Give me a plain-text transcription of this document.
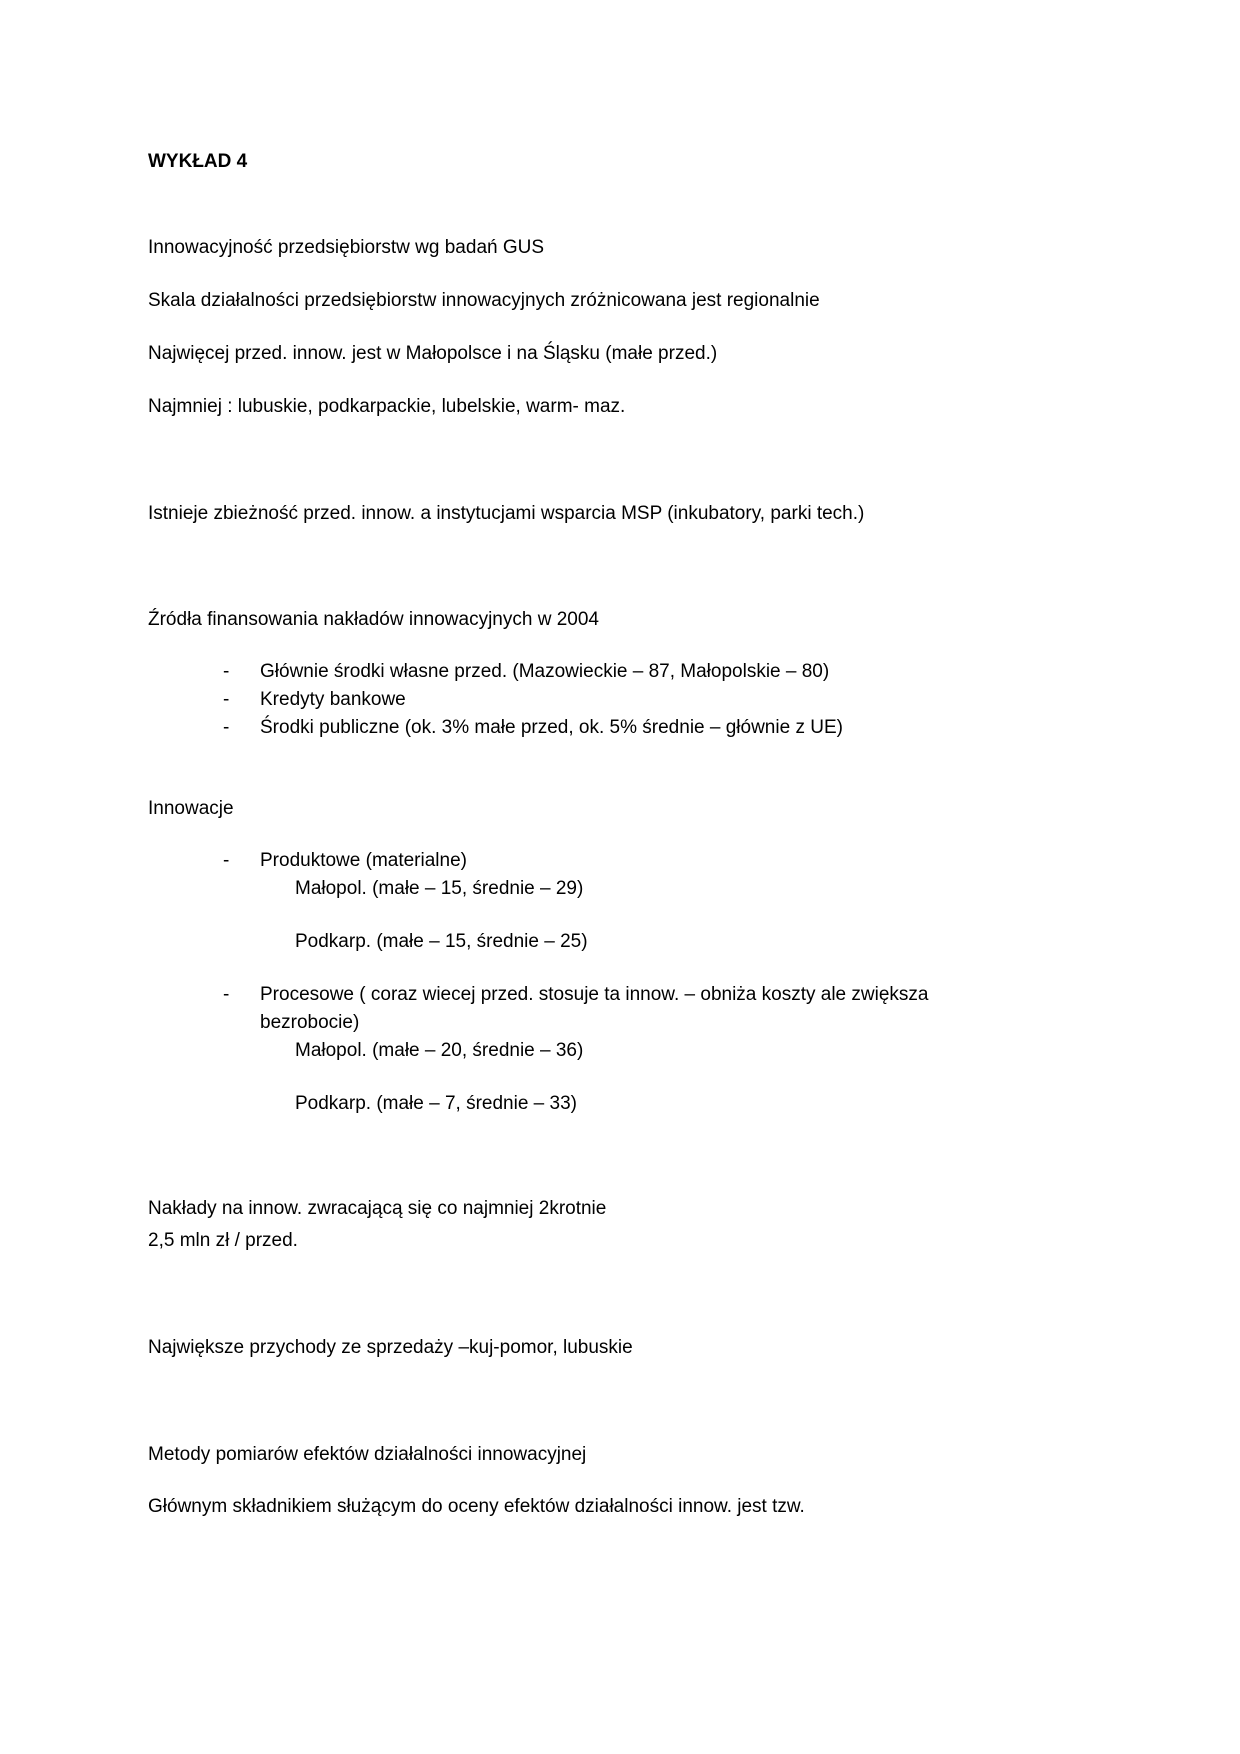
WYKŁAD 4
Innowacyjność przedsiębiorstw wg badań GUS
Skala działalności przedsiębiorstw innowacyjnych zróżnicowana jest regionalnie
Najwięcej przed. innow. jest w Małopolsce i na Śląsku (małe przed.)
Najmniej : lubuskie, podkarpackie, lubelskie, warm- maz.
Istnieje zbieżność przed. innow. a instytucjami wsparcia MSP (inkubatory, parki tech.)
Źródła finansowania nakładów innowacyjnych w 2004
- Głównie środki własne przed. (Mazowieckie – 87, Małopolskie – 80)
- Kredyty bankowe
- Środki publiczne (ok. 3% małe przed, ok. 5% średnie – głównie z UE)
Innowacje
- Produktowe (materialne)
Małopol. (małe – 15, średnie – 29)
Podkarp. (małe – 15, średnie – 25)
- Procesowe ( coraz wiecej przed. stosuje ta innow. – obniża koszty ale zwiększa
bezrobocie)
Małopol. (małe – 20, średnie – 36)
Podkarp. (małe – 7, średnie – 33)
Nakłady na innow. zwracającą się co najmniej 2krotnie
2,5 mln zł / przed.
Największe przychody ze sprzedaży –kuj-pomor, lubuskie
Metody pomiarów efektów działalności innowacyjnej
Głównym składnikiem służącym do oceny efektów działalności innow. jest tzw.
